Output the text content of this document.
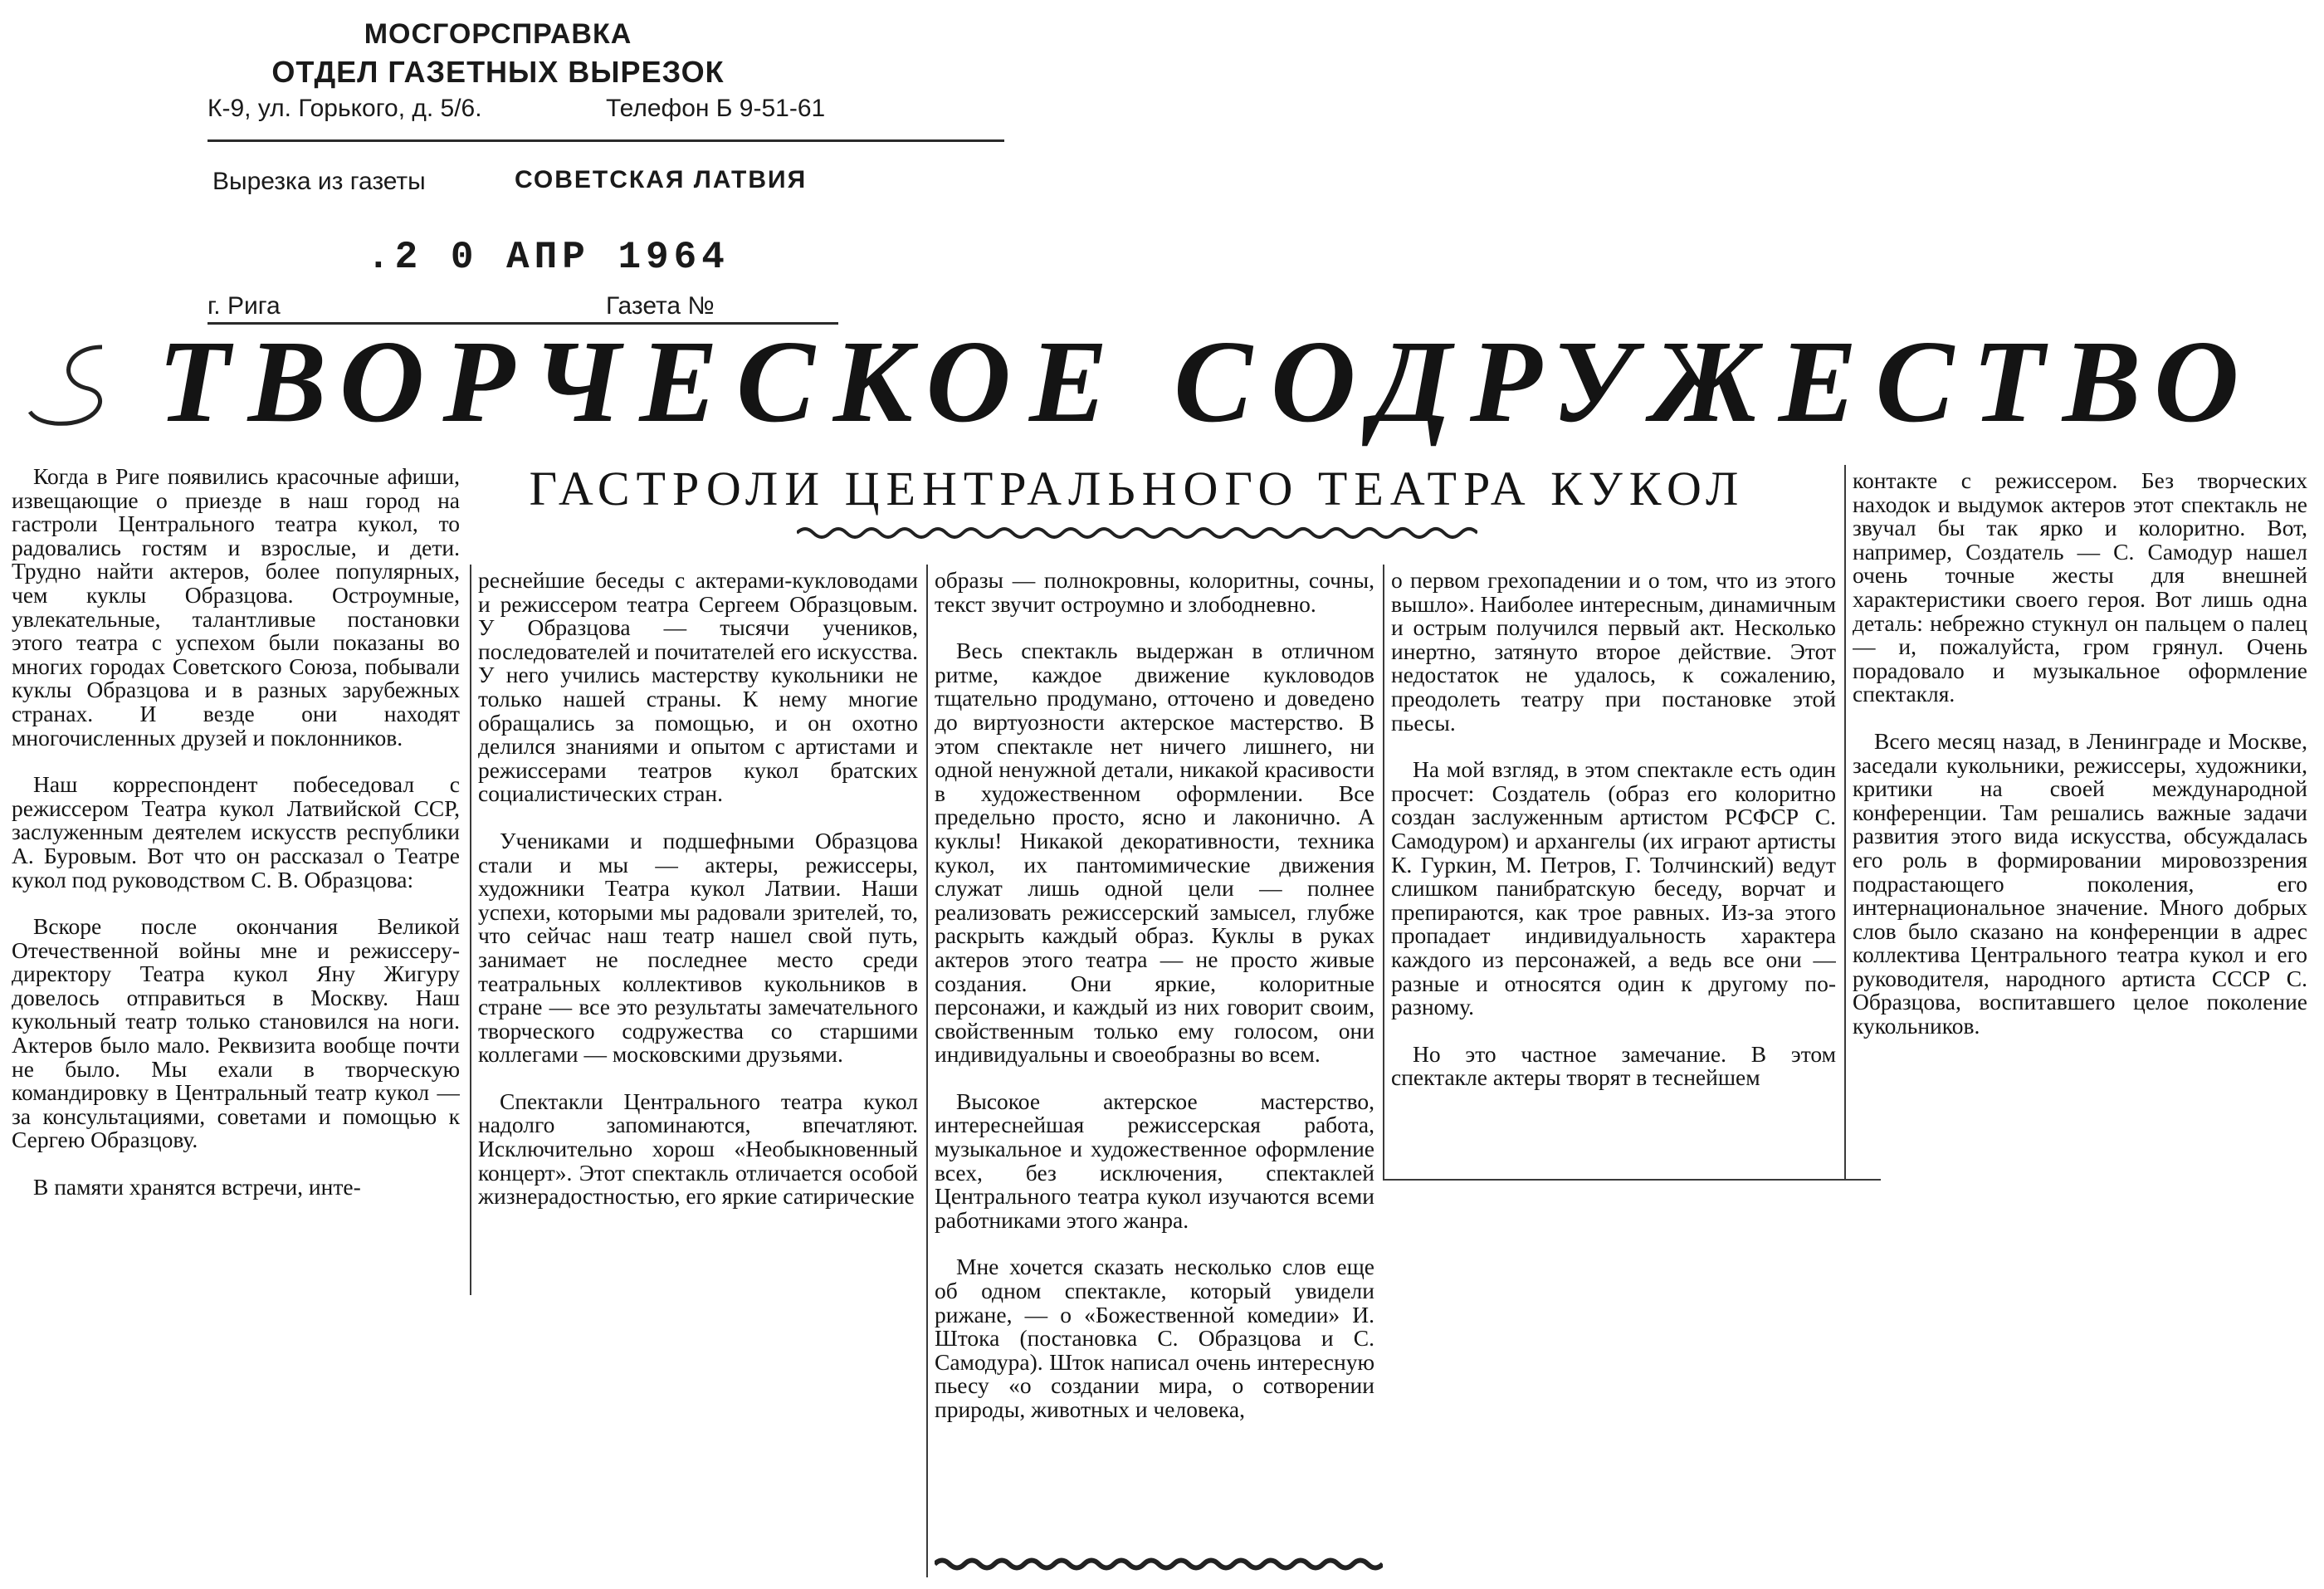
МОСГОРСПРАВКА
ОТДЕЛ ГАЗЕТНЫХ ВЫРЕЗОК
К-9, ул. Горького, д. 5/6.	Телефон Б 9-51-61
Вырезка из газеты	СОВЕТСКАЯ ЛАТВИЯ
.2 0 АПР 1964
г. Рига	Газета №
ТВОРЧЕСКОЕ СОДРУЖЕСТВО
ГАСТРОЛИ ЦЕНТРАЛЬНОГО ТЕАТРА КУКОЛ

Когда в Риге появились красочные афиши, извещающие о приезде в наш город на гастроли Центрального театра кукол, то радовались гостям и взрослые, и дети. Трудно найти актеров, более популярных, чем куклы Образцова. Остроумные, увлекательные, талантливые постановки этого театра с успехом были показаны во многих городах Советского Союза, побывали куклы Образцова и в разных зарубежных странах. И везде они находят многочисленных друзей и поклонников.

Наш корреспондент побеседовал с режиссером Театра кукол Латвийской ССР, заслуженным деятелем искусств республики А. Буровым. Вот что он рассказал о Театре кукол под руководством С. В. Образцова:

Вскоре после окончания Великой Отечественной войны мне и режиссеру-директору Театра кукол Яну Жигуру довелось отправиться в Москву. Наш кукольный театр только становился на ноги. Актеров было мало. Реквизита вообще почти не было. Мы ехали в творческую командировку в Центральный театр кукол — за консультациями, советами и помощью к Сергею Образцову.

В памяти хранятся встречи, инте-

реснейшие беседы с актерами-кукловодами и режиссером театра Сергеем Образцовым. У Образцова — тысячи учеников, последователей и почитателей его искусства. У него учились мастерству кукольники не только нашей страны. К нему многие обращались за помощью, и он охотно делился знаниями и опытом с артистами и режиссерами театров кукол братских социалистических стран.

Учениками и подшефными Образцова стали и мы — актеры, режиссеры, художники Театра кукол Латвии. Наши успехи, которыми мы радовали зрителей, то, что сейчас наш театр нашел свой путь, занимает не последнее место среди театральных коллективов кукольников в стране — все это результаты замечательного творческого содружества со старшими коллегами — московскими друзьями.

Спектакли Центрального театра кукол надолго запоминаются, впечатляют. Исключительно хорош «Необыкновенный концерт». Этот спектакль отличается особой жизнерадостностью, его яркие сатирические

образы — полнокровны, колоритны, сочны, текст звучит остроумно и злободневно.

Весь спектакль выдержан в отличном ритме, каждое движение кукловодов тщательно продумано, отточено и доведено до виртуозности актерское мастерство. В этом спектакле нет ничего лишнего, ни одной ненужной детали, никакой красивости в художественном оформлении. Все предельно просто, ясно и лаконично. А куклы! Никакой декоративности, техника кукол, их пантомимические движения служат лишь одной цели — полнее реализовать режиссерский замысел, глубже раскрыть каждый образ. Куклы в руках актеров этого театра — не просто живые создания. Они яркие, колоритные персонажи, и каждый из них говорит своим, свойственным только ему голосом, они индивидуальны и своеобразны во всем.

Высокое актерское мастерство, интереснейшая режиссерская работа, музыкальное и художественное оформление всех, без исключения, спектаклей Центрального театра кукол изучаются всеми работниками этого жанра.

Мне хочется сказать несколько слов еще об одном спектакле, который увидели рижане, — о «Божественной комедии» И. Штока (постановка С. Образцова и С. Самодура). Шток написал очень интересную пьесу «о создании мира, о сотворении природы, животных и человека,

о первом грехопадении и о том, что из этого вышло». Наиболее интересным, динамичным и острым получился первый акт. Несколько инертно, затянуто второе действие. Этот недостаток не удалось, к сожалению, преодолеть театру при постановке этой пьесы.

На мой взгляд, в этом спектакле есть один просчет: Создатель (образ его колоритно создан заслуженным артистом РСФСР С. Самодуром) и архангелы (их играют артисты К. Гуркин, М. Петров, Г. Толчинский) ведут слишком панибратскую беседу, ворчат и препираются, как трое равных. Из-за этого пропадает индивидуальность характера каждого из персонажей, а ведь все они — разные и относятся один к другому по-разному.

Но это частное замечание. В этом спектакле актеры творят в теснейшем

контакте с режиссером. Без творческих находок и выдумок актеров этот спектакль не звучал бы так ярко и колоритно. Вот, например, Создатель — С. Самодур нашел очень точные жесты для внешней характеристики своего героя. Вот лишь одна деталь: небрежно стукнул он пальцем о палец — и, пожалуйста, гром грянул. Очень порадовало и музыкальное оформление спектакля.

Всего месяц назад, в Ленинграде и Москве, заседали кукольники, режиссеры, художники, критики на своей международной конференции. Там решались важные задачи развития этого вида искусства, обсуждалась его роль в формировании мировоззрения подрастающего поколения, его интернациональное значение. Много добрых слов было сказано на конференции в адрес коллектива Центрального театра кукол и его руководителя, народного артиста СССР С. Образцова, воспитавшего целое поколение кукольников.
